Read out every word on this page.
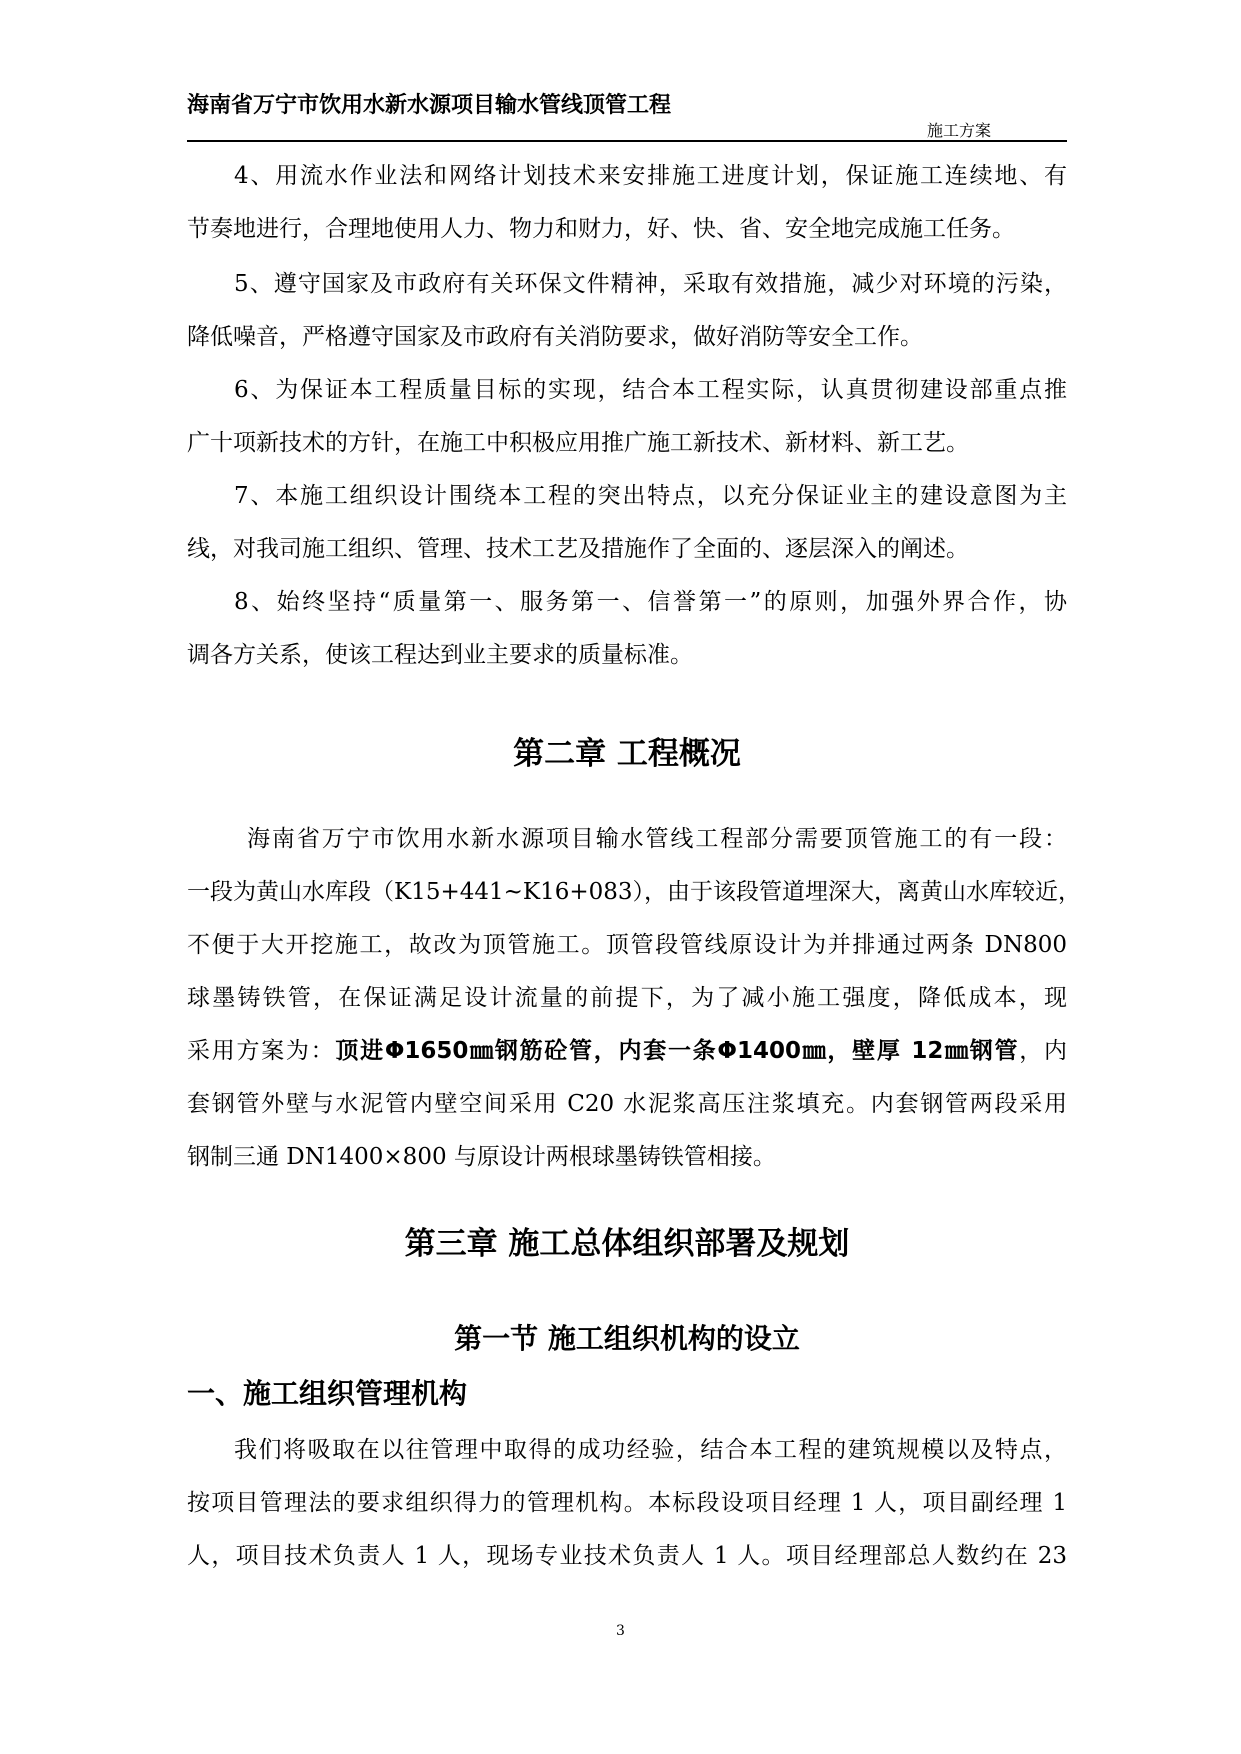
海南省万宁市饮用水新水源项目输水管线顶管工程
施工方案
4、用流水作业法和网络计划技术来安排施工进度计划，保证施工连续地、有
节奏地进行，合理地使用人力、物力和财力，好、快、省、安全地完成施工任务。
5、遵守国家及市政府有关环保文件精神，采取有效措施，减少对环境的污染，
降低噪音，严格遵守国家及市政府有关消防要求，做好消防等安全工作。
6、为保证本工程质量目标的实现，结合本工程实际，认真贯彻建设部重点推
广十项新技术的方针，在施工中积极应用推广施工新技术、新材料、新工艺。
7、本施工组织设计围绕本工程的突出特点，以充分保证业主的建设意图为主
线，对我司施工组织、管理、技术工艺及措施作了全面的、逐层深入的阐述。
8、始终坚持“质量第一、服务第一、信誉第一”的原则，加强外界合作，协
调各方关系，使该工程达到业主要求的质量标准。
第二章 工程概况
海南省万宁市饮用水新水源项目输水管线工程部分需要顶管施工的有一段：
一段为黄山水库段（K15+441~K16+083），由于该段管道埋深大，离黄山水库较近，
不便于大开挖施工，故改为顶管施工。顶管段管线原设计为并排通过两条 DN800
球墨铸铁管，在保证满足设计流量的前提下，为了减小施工强度，降低成本，现
采用方案为：顶进Φ1650㎜钢筋砼管，内套一条Φ1400㎜，壁厚 12㎜钢管，内
套钢管外壁与水泥管内壁空间采用 C20 水泥浆高压注浆填充。内套钢管两段采用
钢制三通 DN1400×800 与原设计两根球墨铸铁管相接。
第三章 施工总体组织部署及规划
第一节 施工组织机构的设立
一、施工组织管理机构
我们将吸取在以往管理中取得的成功经验，结合本工程的建筑规模以及特点，
按项目管理法的要求组织得力的管理机构。本标段设项目经理 1 人，项目副经理 1
人，项目技术负责人 1 人，现场专业技术负责人 1 人。项目经理部总人数约在 23
3
